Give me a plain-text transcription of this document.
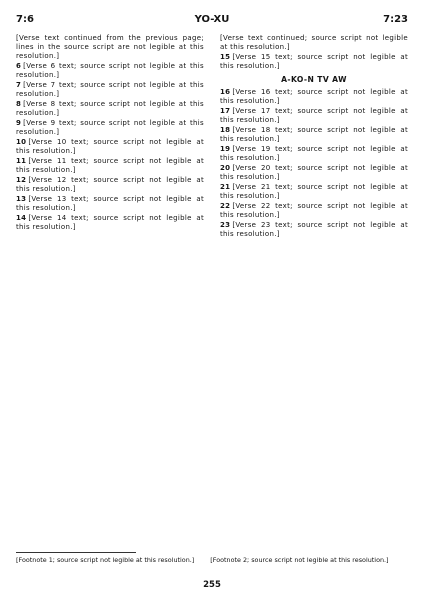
7:6	YO-XU	7:23

[Verse text continued from the previous page; lines in the source script are not legible at this resolution.]

6 [Verse 6 text; source script not legible at this resolution.]

7 [Verse 7 text; source script not legible at this resolution.]

8 [Verse 8 text; source script not legible at this resolution.]

9 [Verse 9 text; source script not legible at this resolution.]

10 [Verse 10 text; source script not legible at this resolution.]

11 [Verse 11 text; source script not legible at this resolution.]

12 [Verse 12 text; source script not legible at this resolution.]

13 [Verse 13 text; source script not legible at this resolution.]

14 [Verse 14 text; source script not legible at this resolution.]

[Verse text continued; source script not legible at this resolution.]

15 [Verse 15 text; source script not legible at this resolution.]

A-KO-N TV AW

16 [Verse 16 text; source script not legible at this resolution.]

17 [Verse 17 text; source script not legible at this resolution.]

18 [Verse 18 text; source script not legible at this resolution.]

19 [Verse 19 text; source script not legible at this resolution.]

20 [Verse 20 text; source script not legible at this resolution.]

21 [Verse 21 text; source script not legible at this resolution.]

22 [Verse 22 text; source script not legible at this resolution.]

23 [Verse 23 text; source script not legible at this resolution.]

[Footnote 1; source script not legible at this resolution.]	[Footnote 2; source script not legible at this resolution.]
255
